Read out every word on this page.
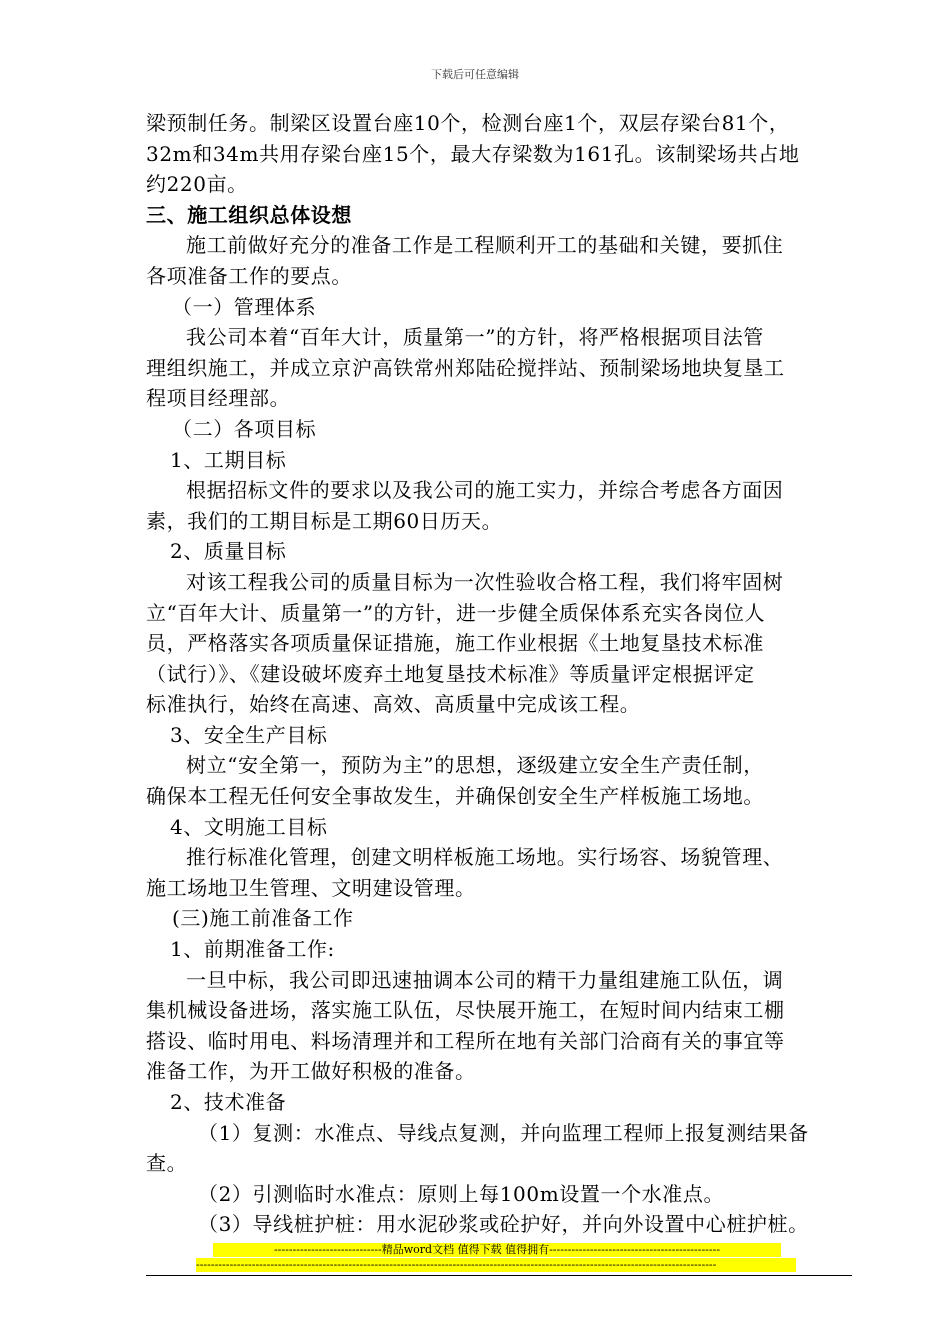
下载后可任意编辑

梁预制任务。制梁区设置台座10个，检测台座1个，双层存梁台81个，

32m和34m共用存梁台座15个，最大存梁数为161孔。该制梁场共占地

约220亩。

三、施工组织总体设想

施工前做好充分的准备工作是工程顺利开工的基础和关键，要抓住

各项准备工作的要点。

（一）管理体系

我公司本着“百年大计，质量第一”的方针，将严格根据项目法管

理组织施工，并成立京沪高铁常州郑陆砼搅拌站、预制梁场地块复垦工

程项目经理部。

（二）各项目标

1、工期目标

根据招标文件的要求以及我公司的施工实力，并综合考虑各方面因

素，我们的工期目标是工期60日历天。

2、质量目标

对该工程我公司的质量目标为一次性验收合格工程，我们将牢固树

立“百年大计、质量第一”的方针，进一步健全质保体系充实各岗位人

员，严格落实各项质量保证措施，施工作业根据《土地复垦技术标准

（试行）》、《建设破坏废弃土地复垦技术标准》等质量评定根据评定

标准执行，始终在高速、高效、高质量中完成该工程。

3、安全生产目标

树立“安全第一，预防为主”的思想，逐级建立安全生产责任制，

确保本工程无任何安全事故发生，并确保创安全生产样板施工场地。

4、文明施工目标

推行标准化管理，创建文明样板施工场地。实行场容、场貌管理、

施工场地卫生管理、文明建设管理。

(三)施工前准备工作

1、前期准备工作:

一旦中标，我公司即迅速抽调本公司的精干力量组建施工队伍，调

集机械设备进场，落实施工队伍，尽快展开施工，在短时间内结束工棚

搭设、临时用电、料场清理并和工程所在地有关部门洽商有关的事宜等

准备工作，为开工做好积极的准备。

2、技术准备

（1）复测：水准点、导线点复测，并向监理工程师上报复测结果备

查。

（2）引测临时水准点：原则上每100m设置一个水准点。

（3）导线桩护桩：用水泥砂浆或砼护好，并向外设置中心桩护桩。

-----------------------------精品word文档 值得下载 值得拥有----------------------------------------------
--------------------------------------------------------------------------------------------------------------------------------------------
